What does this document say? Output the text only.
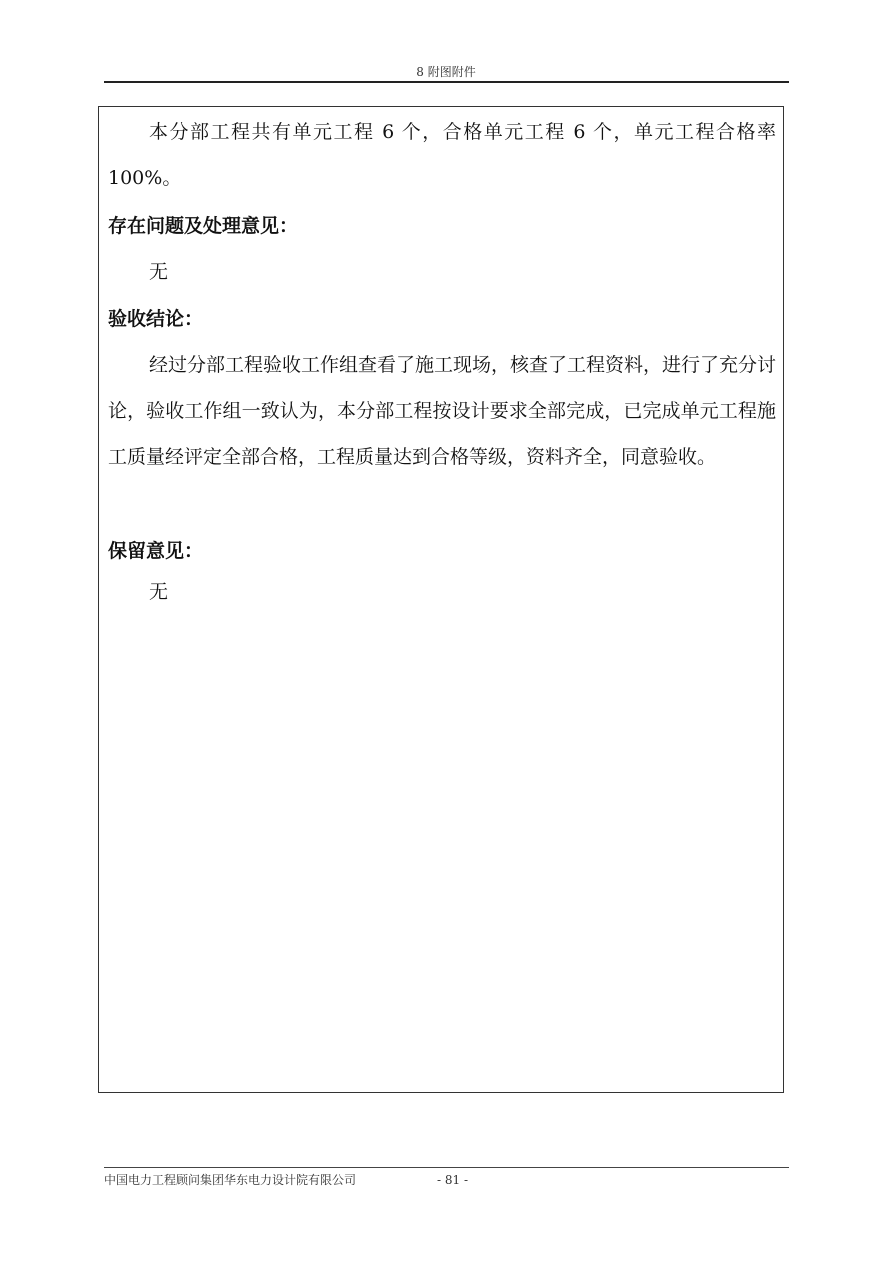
8 附图附件

本分部工程共有单元工程 6 个，合格单元工程 6 个，单元工程合格率 100%。

存在问题及处理意见：

无

验收结论：

经过分部工程验收工作组查看了施工现场，核查了工程资料，进行了充分讨论，验收工作组一致认为，本分部工程按设计要求全部完成，已完成单元工程施工质量经评定全部合格，工程质量达到合格等级，资料齐全，同意验收。

保留意见：

无

中国电力工程顾问集团华东电力设计院有限公司	- 81 -
